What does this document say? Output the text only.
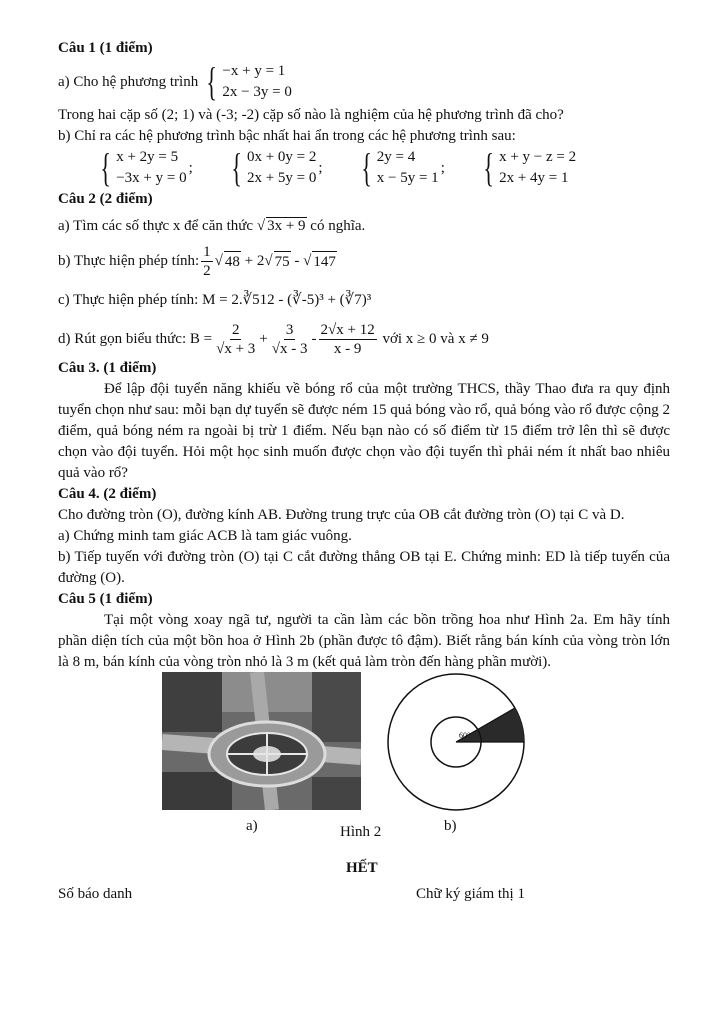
Câu 1 (1 điểm)

a) Cho hệ phương trình { −x + y = 1
2x − 3y = 0

Trong hai cặp số (2; 1) và (-3; -2) cặp số nào là nghiệm của hệ phương trình đã cho?

b) Chỉ ra các hệ phương trình bậc nhất hai ẩn trong các hệ phương trình sau:

{ x + 2y = 5
−3x + y = 0
; { 0x + 0y = 2
2x + 5y = 0
; { 2y = 4
x − 5y = 1
; { x + y − z = 2
2x + 4y = 1

Câu 2 (2 điểm)

a) Tìm các số thực x để căn thức √ 3x + 9 có nghĩa.

b) Thực hiện phép tính: $\frac{1}{2}$ √ 48
+ 2 √ 75
- √ 147

c) Thực hiện phép tính: M = 2.∛512 - (∛-5)³ + (∛7)³

d) Rút gọn biểu thức: $B = \frac{2}{√x + 3} + \frac{3}{√x - 3} - \frac{2√x + 12}{x - 9}$
với x ≥ 0 và x ≠ 9

Câu 3. (1 điểm)

Để lập đội tuyển năng khiếu về bóng rổ của một trường THCS, thầy Thao đưa ra quy định tuyển chọn như sau: mỗi bạn dự tuyển sẽ được ném 15 quả bóng vào rổ, quả bóng vào rổ được cộng 2 điểm, quả bóng ném ra ngoài bị trừ 1 điểm. Nếu bạn nào có số điểm từ 15 điểm trở lên thì sẽ được chọn vào đội tuyển. Hỏi một học sinh muốn được chọn vào đội tuyển thì phải ném ít nhất bao nhiêu quả vào rổ?

Câu 4. (2 điểm)

Cho đường tròn (O), đường kính AB. Đường trung trực của OB cắt đường tròn (O) tại C và D.

a) Chứng minh tam giác ACB là tam giác vuông.

b) Tiếp tuyến với đường tròn (O) tại C cắt đường thẳng OB tại E. Chứng minh: ED là tiếp tuyến của đường (O).

Câu 5 (1 điểm)

Tại một vòng xoay ngã tư, người ta cần làm các bồn trồng hoa như Hình 2a. Em hãy tính phần diện tích của một bồn hoa ở Hình 2b (phần được tô đậm). Biết rằng bán kính của vòng tròn lớn là 8 m, bán kính của vòng tròn nhỏ là 3 m (kết quả làm tròn đến hàng phần mười).

a)	Hình 2
60°
b)
HẾT
Số báo danh	Chữ ký giám thị 1
